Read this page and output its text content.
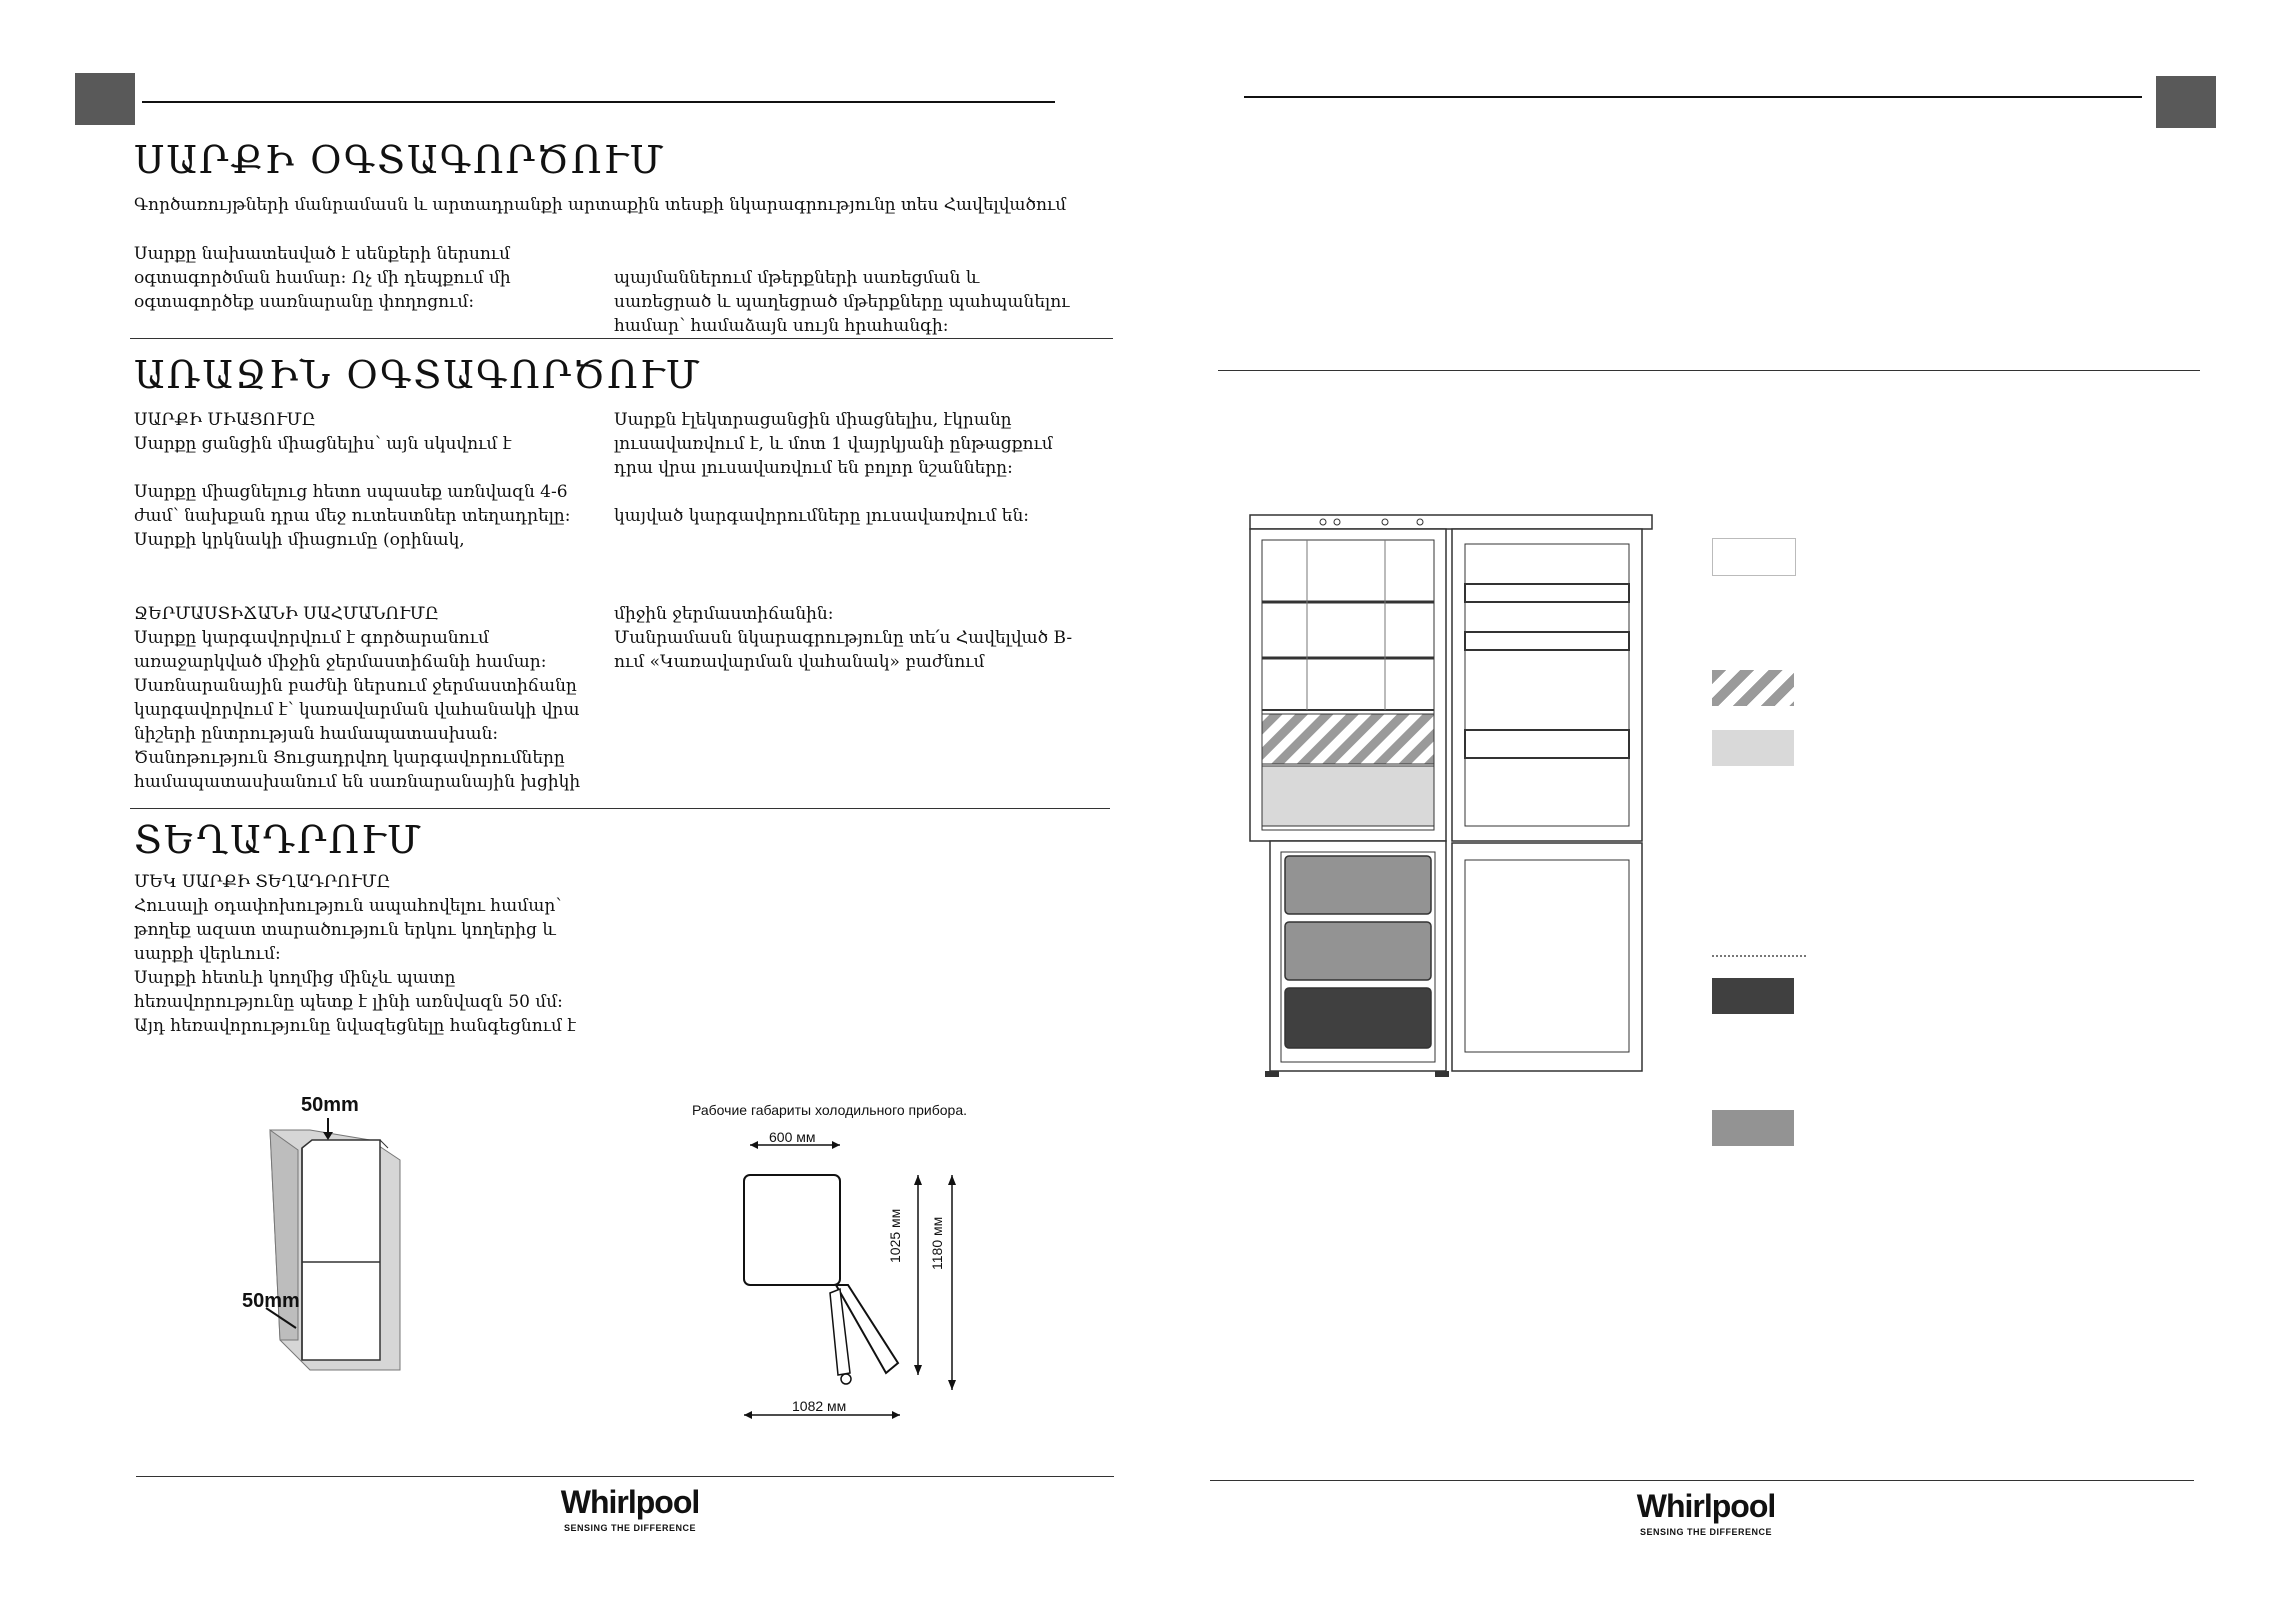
ՍԱՐՔԻ ՕԳՏԱԳՈՐԾՈՒՄ
Գործառույթների մանրամասն և արտադրանքի արտաքին տեսքի նկարագրությունը տես Հավելվածում
Սարքը նախատեսված է սենքերի ներսում
օգտագործման համար: Ոչ մի դեպքում մի
օգտագործեք սառնարանը փողոցում:
պայմաններում մթերքների սառեցման և
սառեցրած և պաղեցրած մթերքները պահպանելու
համար՝ համաձայն սույն հրահանգի:
ԱՌԱՋԻՆ ՕԳՏԱԳՈՐԾՈՒՄ
ՍԱՐՔԻ ՄԻԱՑՈՒՄԸ
Սարքը ցանցին միացնելիս՝ այն սկսվում է
Սարքը միացնելուց հետո սպասեք առնվազն 4-6
ժամ՝ նախքան դրա մեջ ուտեստներ տեղադրելը:
Սարքի կրկնակի միացումը (օրինակ,
Սարքն էլեկտրացանցին միացնելիս, էկրանը
լուսավառվում է, և մոտ 1 վայրկյանի ընթացքում
դրա վրա լուսավառվում են բոլոր նշանները:
կայված կարգավորումները լուսավառվում են:
ՋԵՐՄԱՍՏԻՃԱՆԻ ՍԱՀՄԱՆՈՒՄԸ
Սարքը կարգավորվում է գործարանում
առաջարկված միջին ջերմաստիճանի համար:
Սառնարանային բաժնի ներսում ջերմաստիճանը
կարգավորվում է՝ կառավարման վահանակի վրա
նիշերի ընտրության համապատասխան:
Ծանոթություն Ցուցադրվող կարգավորումները
համապատասխանում են սառնարանային խցիկի
միջին ջերմաստիճանին:
Մանրամասն նկարագրությունը տե՛ս Հավելված B-
ում «Կառավարման վահանակ» բաժնում
ՏԵՂԱԴՐՈՒՄ
ՄԵԿ ՍԱՐՔԻ ՏԵՂԱԴՐՈՒՄԸ
Հուսալի օդափոխություն ապահովելու համար՝
թողեք ազատ տարածություն երկու կողերից և
սարքի վերևում:
Սարքի հետևի կողմից մինչև պատը
հեռավորությունը պետք է լինի առնվազն 50 մմ:
Այդ հեռավորությունը նվազեցնելը հանգեցնում է
50mm
50mm
Рабочие габариты холодильного прибора.
600 мм
1025 мм 1180 мм
1082 мм
Whirlpool
SENSING THE DIFFERENCE
Whirlpool
SENSING THE DIFFERENCE
